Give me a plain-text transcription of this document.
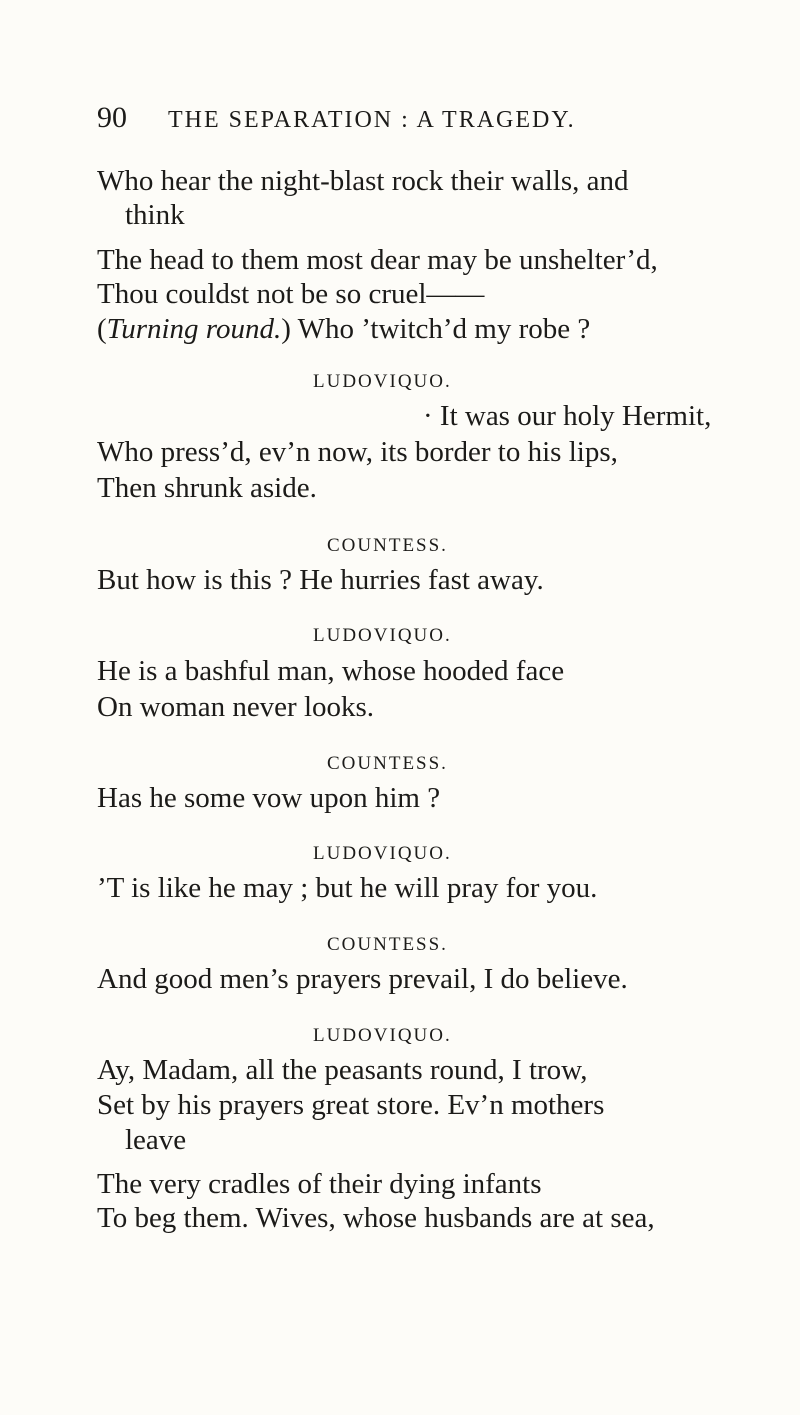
90 THE SEPARATION : A TRAGEDY.
Who hear the night-blast rock their walls, and
think
The head to them most dear may be unshelter’d,
Thou couldst not be so cruel——
(Turning round.) Who ’twitch’d my robe ?
LUDOVIQUO.
· It was our holy Hermit,
Who press’d, ev’n now, its border to his lips,
Then shrunk aside.
COUNTESS.
But how is this ? He hurries fast away.
LUDOVIQUO.
He is a bashful man, whose hooded face
On woman never looks.
COUNTESS.
Has he some vow upon him ?
LUDOVIQUO.
’T is like he may ; but he will pray for you.
COUNTESS.
And good men’s prayers prevail, I do believe.
LUDOVIQUO.
Ay, Madam, all the peasants round, I trow,
Set by his prayers great store. Ev’n mothers
leave
The very cradles of their dying infants
To beg them. Wives, whose husbands are at sea,
